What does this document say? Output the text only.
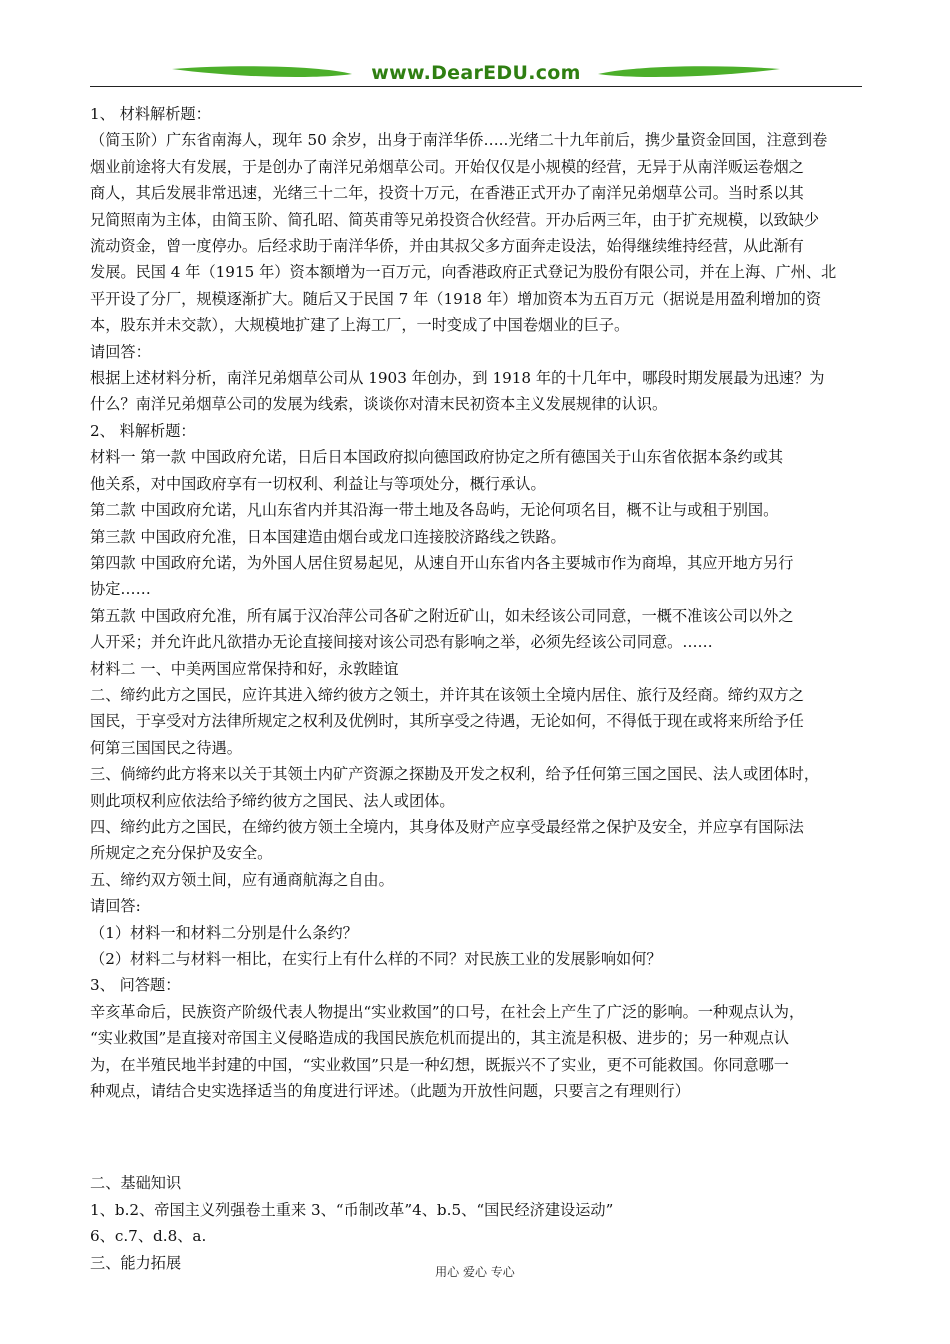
www.DearEDU.com

1、 材料解析题：

（简玉阶）广东省南海人，现年 50 余岁，出身于南洋华侨…..光绪二十九年前后，携少量资金回国，注意到卷

烟业前途将大有发展，于是创办了南洋兄弟烟草公司。开始仅仅是小规模的经营，无异于从南洋贩运卷烟之

商人，其后发展非常迅速，光绪三十二年，投资十万元，在香港正式开办了南洋兄弟烟草公司。当时系以其

兄简照南为主体，由简玉阶、简孔昭、简英甫等兄弟投资合伙经营。开办后两三年，由于扩充规模，以致缺少

流动资金，曾一度停办。后经求助于南洋华侨，并由其叔父多方面奔走设法，始得继续维持经营，从此渐有

发展。民国 4 年（1915 年）资本额增为一百万元，向香港政府正式登记为股份有限公司，并在上海、广州、北

平开设了分厂，规模逐渐扩大。随后又于民国 7 年（1918 年）增加资本为五百万元（据说是用盈利增加的资

本，股东并未交款），大规模地扩建了上海工厂，一时变成了中国卷烟业的巨子。

请回答：

根据上述材料分析，南洋兄弟烟草公司从 1903 年创办，到 1918 年的十几年中，哪段时期发展最为迅速？为

什么？南洋兄弟烟草公司的发展为线索，谈谈你对清末民初资本主义发展规律的认识。

2、 料解析题：

材料一 第一款 中国政府允诺，日后日本国政府拟向德国政府协定之所有德国关于山东省依据本条约或其

他关系，对中国政府享有一切权利、利益让与等项处分，概行承认。

第二款 中国政府允诺，凡山东省内并其沿海一带土地及各岛屿，无论何项名目，概不让与或租于别国。

第三款 中国政府允准，日本国建造由烟台或龙口连接胶济路线之铁路。

第四款 中国政府允诺，为外国人居住贸易起见，从速自开山东省内各主要城市作为商埠，其应开地方另行

协定……

第五款 中国政府允准，所有属于汉冶萍公司各矿之附近矿山，如未经该公司同意，一概不准该公司以外之

人开采；并允许此凡欲措办无论直接间接对该公司恐有影响之举，必须先经该公司同意。……

材料二 一、中美两国应常保持和好，永敦睦谊

二、缔约此方之国民，应许其进入缔约彼方之领土，并许其在该领土全境内居住、旅行及经商。缔约双方之

国民，于享受对方法律所规定之权利及优例时，其所享受之待遇，无论如何，不得低于现在或将来所给予任

何第三国国民之待遇。

三、倘缔约此方将来以关于其领土内矿产资源之探勘及开发之权利，给予任何第三国之国民、法人或团体时，

则此项权利应依法给予缔约彼方之国民、法人或团体。

四、缔约此方之国民，在缔约彼方领土全境内，其身体及财产应享受最经常之保护及安全，并应享有国际法

所规定之充分保护及安全。

五、缔约双方领土间，应有通商航海之自由。

请回答:

（1）材料一和材料二分别是什么条约？

（2）材料二与材料一相比，在实行上有什么样的不同？对民族工业的发展影响如何？

3、 问答题：

辛亥革命后，民族资产阶级代表人物提出“实业救国”的口号，在社会上产生了广泛的影响。一种观点认为，

“实业救国”是直接对帝国主义侵略造成的我国民族危机而提出的，其主流是积极、进步的；另一种观点认

为，在半殖民地半封建的中国，“实业救国”只是一种幻想，既振兴不了实业，更不可能救国。你同意哪一

种观点，请结合史实选择适当的角度进行评述。（此题为开放性问题，只要言之有理则行）

二、基础知识

1、b.2、帝国主义列强卷土重来 3、“币制改革”4、b.5、“国民经济建设运动”

6、c.7、d.8、a.

三、能力拓展

用心 爱心 专心
